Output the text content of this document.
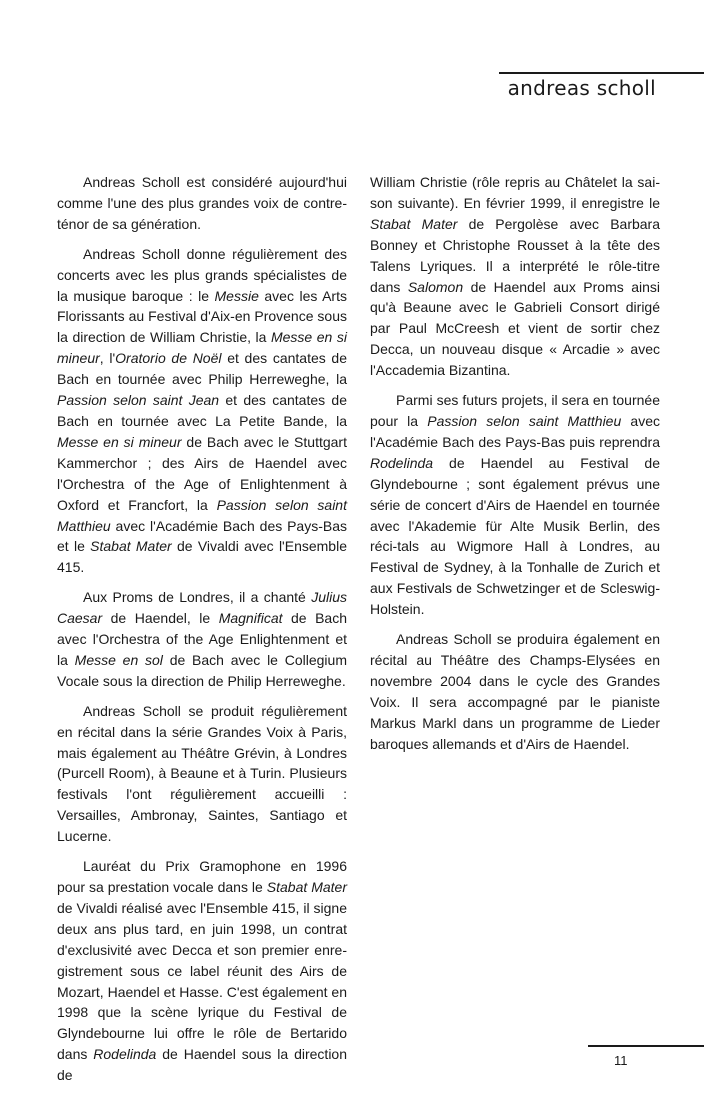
andreas scholl

Andreas Scholl est considéré aujourd'hui comme l'une des plus grandes voix de contre-ténor de sa génération.

Andreas Scholl donne régulièrement des concerts avec les plus grands spécialistes de la musique baroque : le Messie avec les Arts Florissants au Festival d'Aix-en Provence sous la direction de William Christie, la Messe en si mineur, l'Oratorio de Noël et des cantates de Bach en tournée avec Philip Herreweghe, la Passion selon saint Jean et des cantates de Bach en tournée avec La Petite Bande, la Messe en si mineur de Bach avec le Stuttgart Kammerchor ; des Airs de Haendel avec l'Orchestra of the Age of Enlightenment à Oxford et Francfort, la Passion selon saint Matthieu avec l'Académie Bach des Pays-Bas et le Stabat Mater de Vivaldi avec l'Ensemble 415.

Aux Proms de Londres, il a chanté Julius Caesar de Haendel, le Magnificat de Bach avec l'Orchestra of the Age Enlightenment et la Messe en sol de Bach avec le Collegium Vocale sous la direction de Philip Herreweghe.

Andreas Scholl se produit régulièrement en récital dans la série Grandes Voix à Paris, mais également au Théâtre Grévin, à Londres (Purcell Room), à Beaune et à Turin. Plusieurs festivals l'ont régulièrement accueilli : Versailles, Ambronay, Saintes, Santiago et Lucerne.

Lauréat du Prix Gramophone en 1996 pour sa prestation vocale dans le Stabat Mater de Vivaldi réalisé avec l'Ensemble 415, il signe deux ans plus tard, en juin 1998, un contrat d'exclusivité avec Decca et son premier enre-gistrement sous ce label réunit des Airs de Mozart, Haendel et Hasse. C'est également en 1998 que la scène lyrique du Festival de Glyndebourne lui offre le rôle de Bertarido dans Rodelinda de Haendel sous la direction de

William Christie (rôle repris au Châtelet la sai-son suivante). En février 1999, il enregistre le Stabat Mater de Pergolèse avec Barbara Bonney et Christophe Rousset à la tête des Talens Lyriques. Il a interprété le rôle-titre dans Salomon de Haendel aux Proms ainsi qu'à Beaune avec le Gabrieli Consort dirigé par Paul McCreesh et vient de sortir chez Decca, un nouveau disque « Arcadie » avec l'Accademia Bizantina.

Parmi ses futurs projets, il sera en tournée pour la Passion selon saint Matthieu avec l'Académie Bach des Pays-Bas puis reprendra Rodelinda de Haendel au Festival de Glyndebourne ; sont également prévus une série de concert d'Airs de Haendel en tournée avec l'Akademie für Alte Musik Berlin, des réci-tals au Wigmore Hall à Londres, au Festival de Sydney, à la Tonhalle de Zurich et aux Festivals de Schwetzinger et de Scleswig-Holstein.

Andreas Scholl se produira également en récital au Théâtre des Champs-Elysées en novembre 2004 dans le cycle des Grandes Voix. Il sera accompagné par le pianiste Markus Markl dans un programme de Lieder baroques allemands et d'Airs de Haendel.

11
